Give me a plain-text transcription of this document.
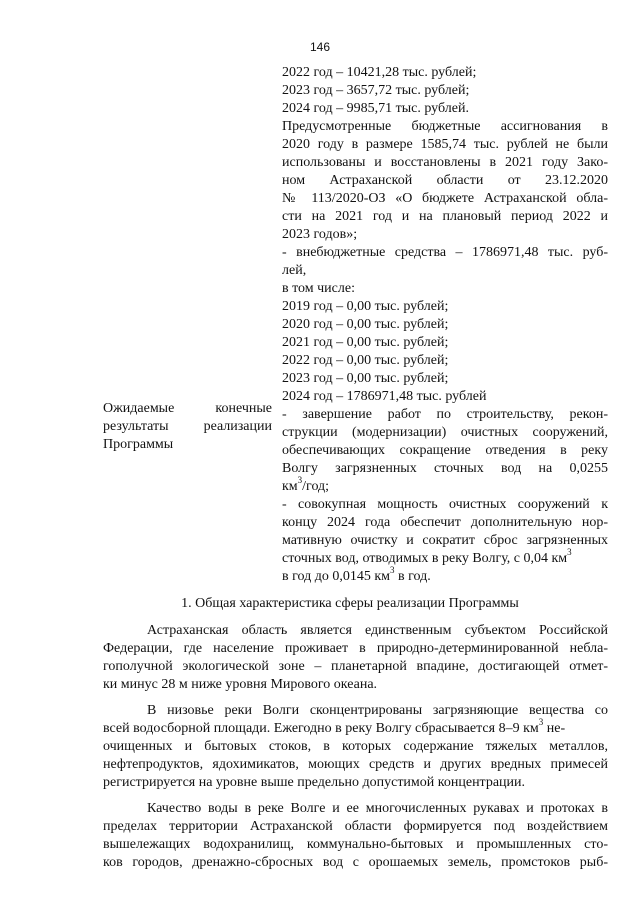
146
Ожидаемые конечные
результаты реализации
Программы
2022 год – 10421,28 тыс. рублей;
2023 год – 3657,72 тыс. рублей;
2024 год – 9985,71 тыс. рублей.
Предусмотренные бюджетные ассигнования в
2020 году в размере 1585,74 тыс. рублей не были
использованы и восстановлены в 2021 году Зако-
ном Астраханской области от 23.12.2020
№ 113/2020-ОЗ «О бюджете Астраханской обла-
сти на 2021 год и на плановый период 2022 и
2023 годов»;
- внебюджетные средства – 1786971,48 тыс. руб-
лей,
в том числе:
2019 год – 0,00 тыс. рублей;
2020 год – 0,00 тыс. рублей;
2021 год – 0,00 тыс. рублей;
2022 год – 0,00 тыс. рублей;
2023 год – 0,00 тыс. рублей;
2024 год – 1786971,48 тыс. рублей
- завершение работ по строительству, рекон-
струкции (модернизации) очистных сооружений,
обеспечивающих сокращение отведения в реку
Волгу загрязненных сточных вод на 0,0255
$км^3$/год;
- совокупная мощность очистных сооружений к
концу 2024 года обеспечит дополнительную нор-
мативную очистку и сократит сброс загрязненных
сточных вод, отводимых в реку Волгу, с 0,04 $км^3$
в год до 0,0145 $км^3$ в год.
1. Общая характеристика сферы реализации Программы
Астраханская область является единственным субъектом Российской
Федерации, где население проживает в природно-детерминированной небла-
гополучной экологической зоне – планетарной впадине, достигающей отмет-
ки минус 28 м ниже уровня Мирового океана.
В низовье реки Волги сконцентрированы загрязняющие вещества со
всей водосборной площади. Ежегодно в реку Волгу сбрасывается 8–9 $км^3$ не-
очищенных и бытовых стоков, в которых содержание тяжелых металлов,
нефтепродуктов, ядохимикатов, моющих средств и других вредных примесей
регистрируется на уровне выше предельно допустимой концентрации.
Качество воды в реке Волге и ее многочисленных рукавах и протоках в
пределах территории Астраханской области формируется под воздействием
вышележащих водохранилищ, коммунально-бытовых и промышленных сто-
ков городов, дренажно-сбросных вод с орошаемых земель, промстоков рыб-
